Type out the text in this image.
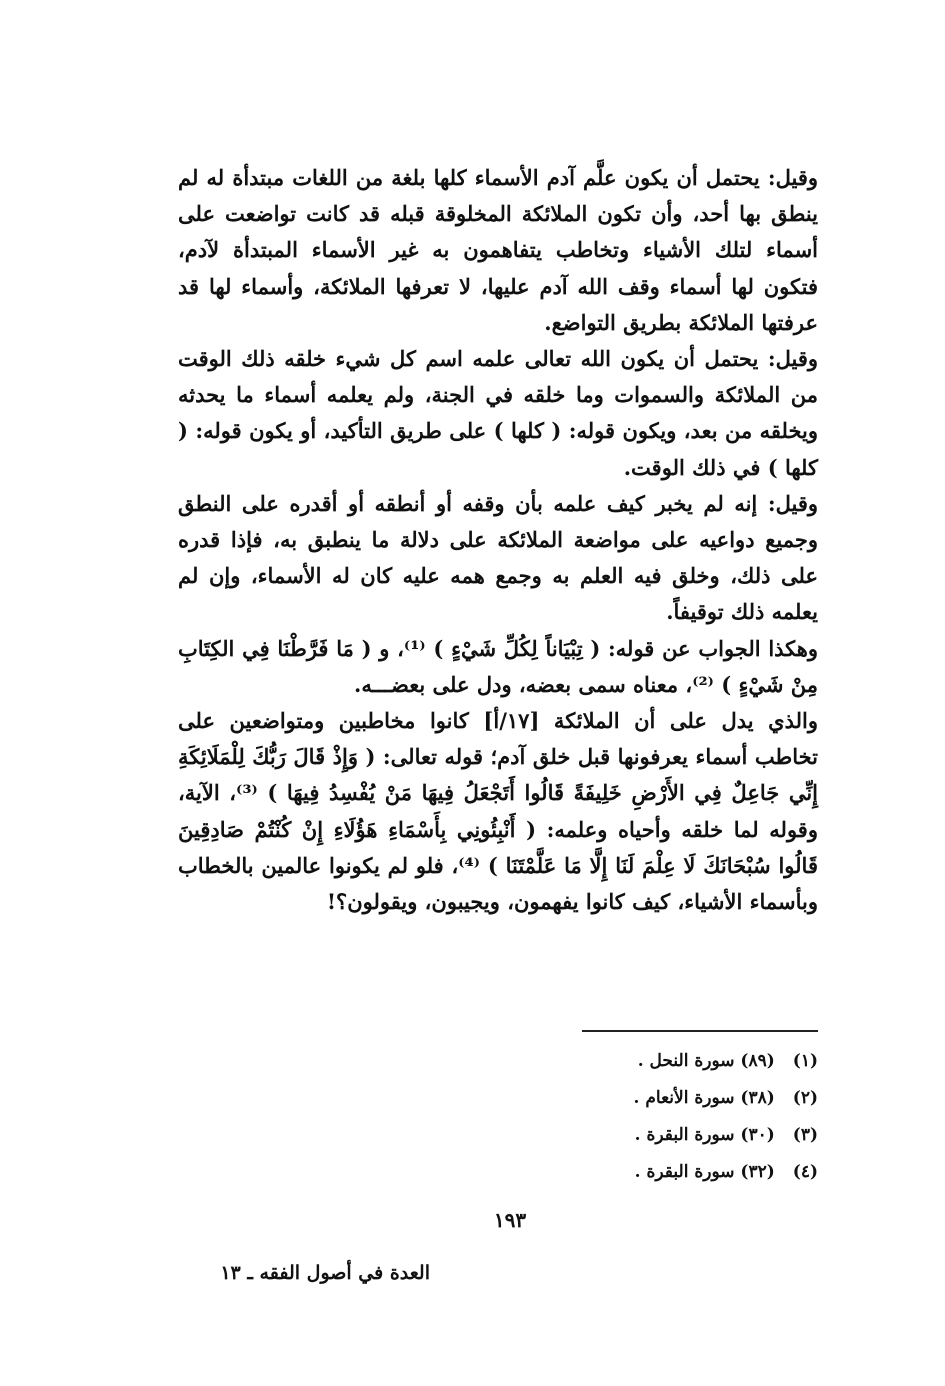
وقيل: يحتمل أن يكون علَّم آدم الأسماء كلها بلغة من اللغات مبتدأة له لم ينطق بها أحد، وأن تكون الملائكة المخلوقة قبله قد كانت تواضعت على أسماء لتلك الأشياء وتخاطب يتفاهمون به غير الأسماء المبتدأة لآدم، فتكون لها أسماء وقف الله آدم عليها، لا تعرفها الملائكة، وأسماء لها قد عرفتها الملائكة بطريق التواضع.

وقيل: يحتمل أن يكون الله تعالى علمه اسم كل شيء خلقه ذلك الوقت من الملائكة والسموات وما خلقه في الجنة، ولم يعلمه أسماء ما يحدثه ويخلقه من بعد، ويكون قوله: ( كلها ) على طريق التأكيد، أو يكون قوله: ( كلها ) في ذلك الوقت.

وقيل: إنه لم يخبر كيف علمه بأن وقفه أو أنطقه أو أقدره على النطق وجميع دواعيه على مواضعة الملائكة على دلالة ما ينطبق به، فإذا قدره على ذلك، وخلق فيه العلم به وجمع همه عليه كان له الأسماء، وإن لم يعلمه ذلك توقيفاً.

وهكذا الجواب عن قوله: ( تِبْيَاناً لِكُلِّ شَيْءٍ ) ⁽¹⁾، و ( مَا فَرَّطْنَا فِي الكِتَابِ مِنْ شَيْءٍ ) ⁽²⁾، معناه سمى بعضه، ودل على بعضـــه.

والذي يدل على أن الملائكة [١٧/أ] كانوا مخاطبين ومتواضعين على تخاطب أسماء يعرفونها قبل خلق آدم؛ قوله تعالى: ( وَإِذْ قَالَ رَبُّكَ لِلْمَلَائِكَةِ إِنِّي جَاعِلٌ فِي الأَرْضِ خَلِيفَةً قَالُوا أَتَجْعَلُ فِيهَا مَنْ يُفْسِدُ فِيهَا ) ⁽³⁾، الآية، وقوله لما خلقه وأحياه وعلمه: ( أَنْبِئُونِي بِأَسْمَاءِ هَؤُلَاءِ إِنْ كُنْتُمْ صَادِقِينَ قَالُوا سُبْحَانَكَ لَا عِلْمَ لَنَا إِلَّا مَا عَلَّمْتَنَا ) ⁽⁴⁾، فلو لم يكونوا عالمين بالخطاب وبأسماء الأشياء، كيف كانوا يفهمون، ويجيبون، ويقولون؟!

(١)(٨٩) سورة النحل .
(٢)(٣٨) سورة الأنعام .
(٣)(٣٠) سورة البقرة .
(٤)(٣٢) سورة البقرة .
١٩٣
العدة في أصول الفقه ـ ١٣
